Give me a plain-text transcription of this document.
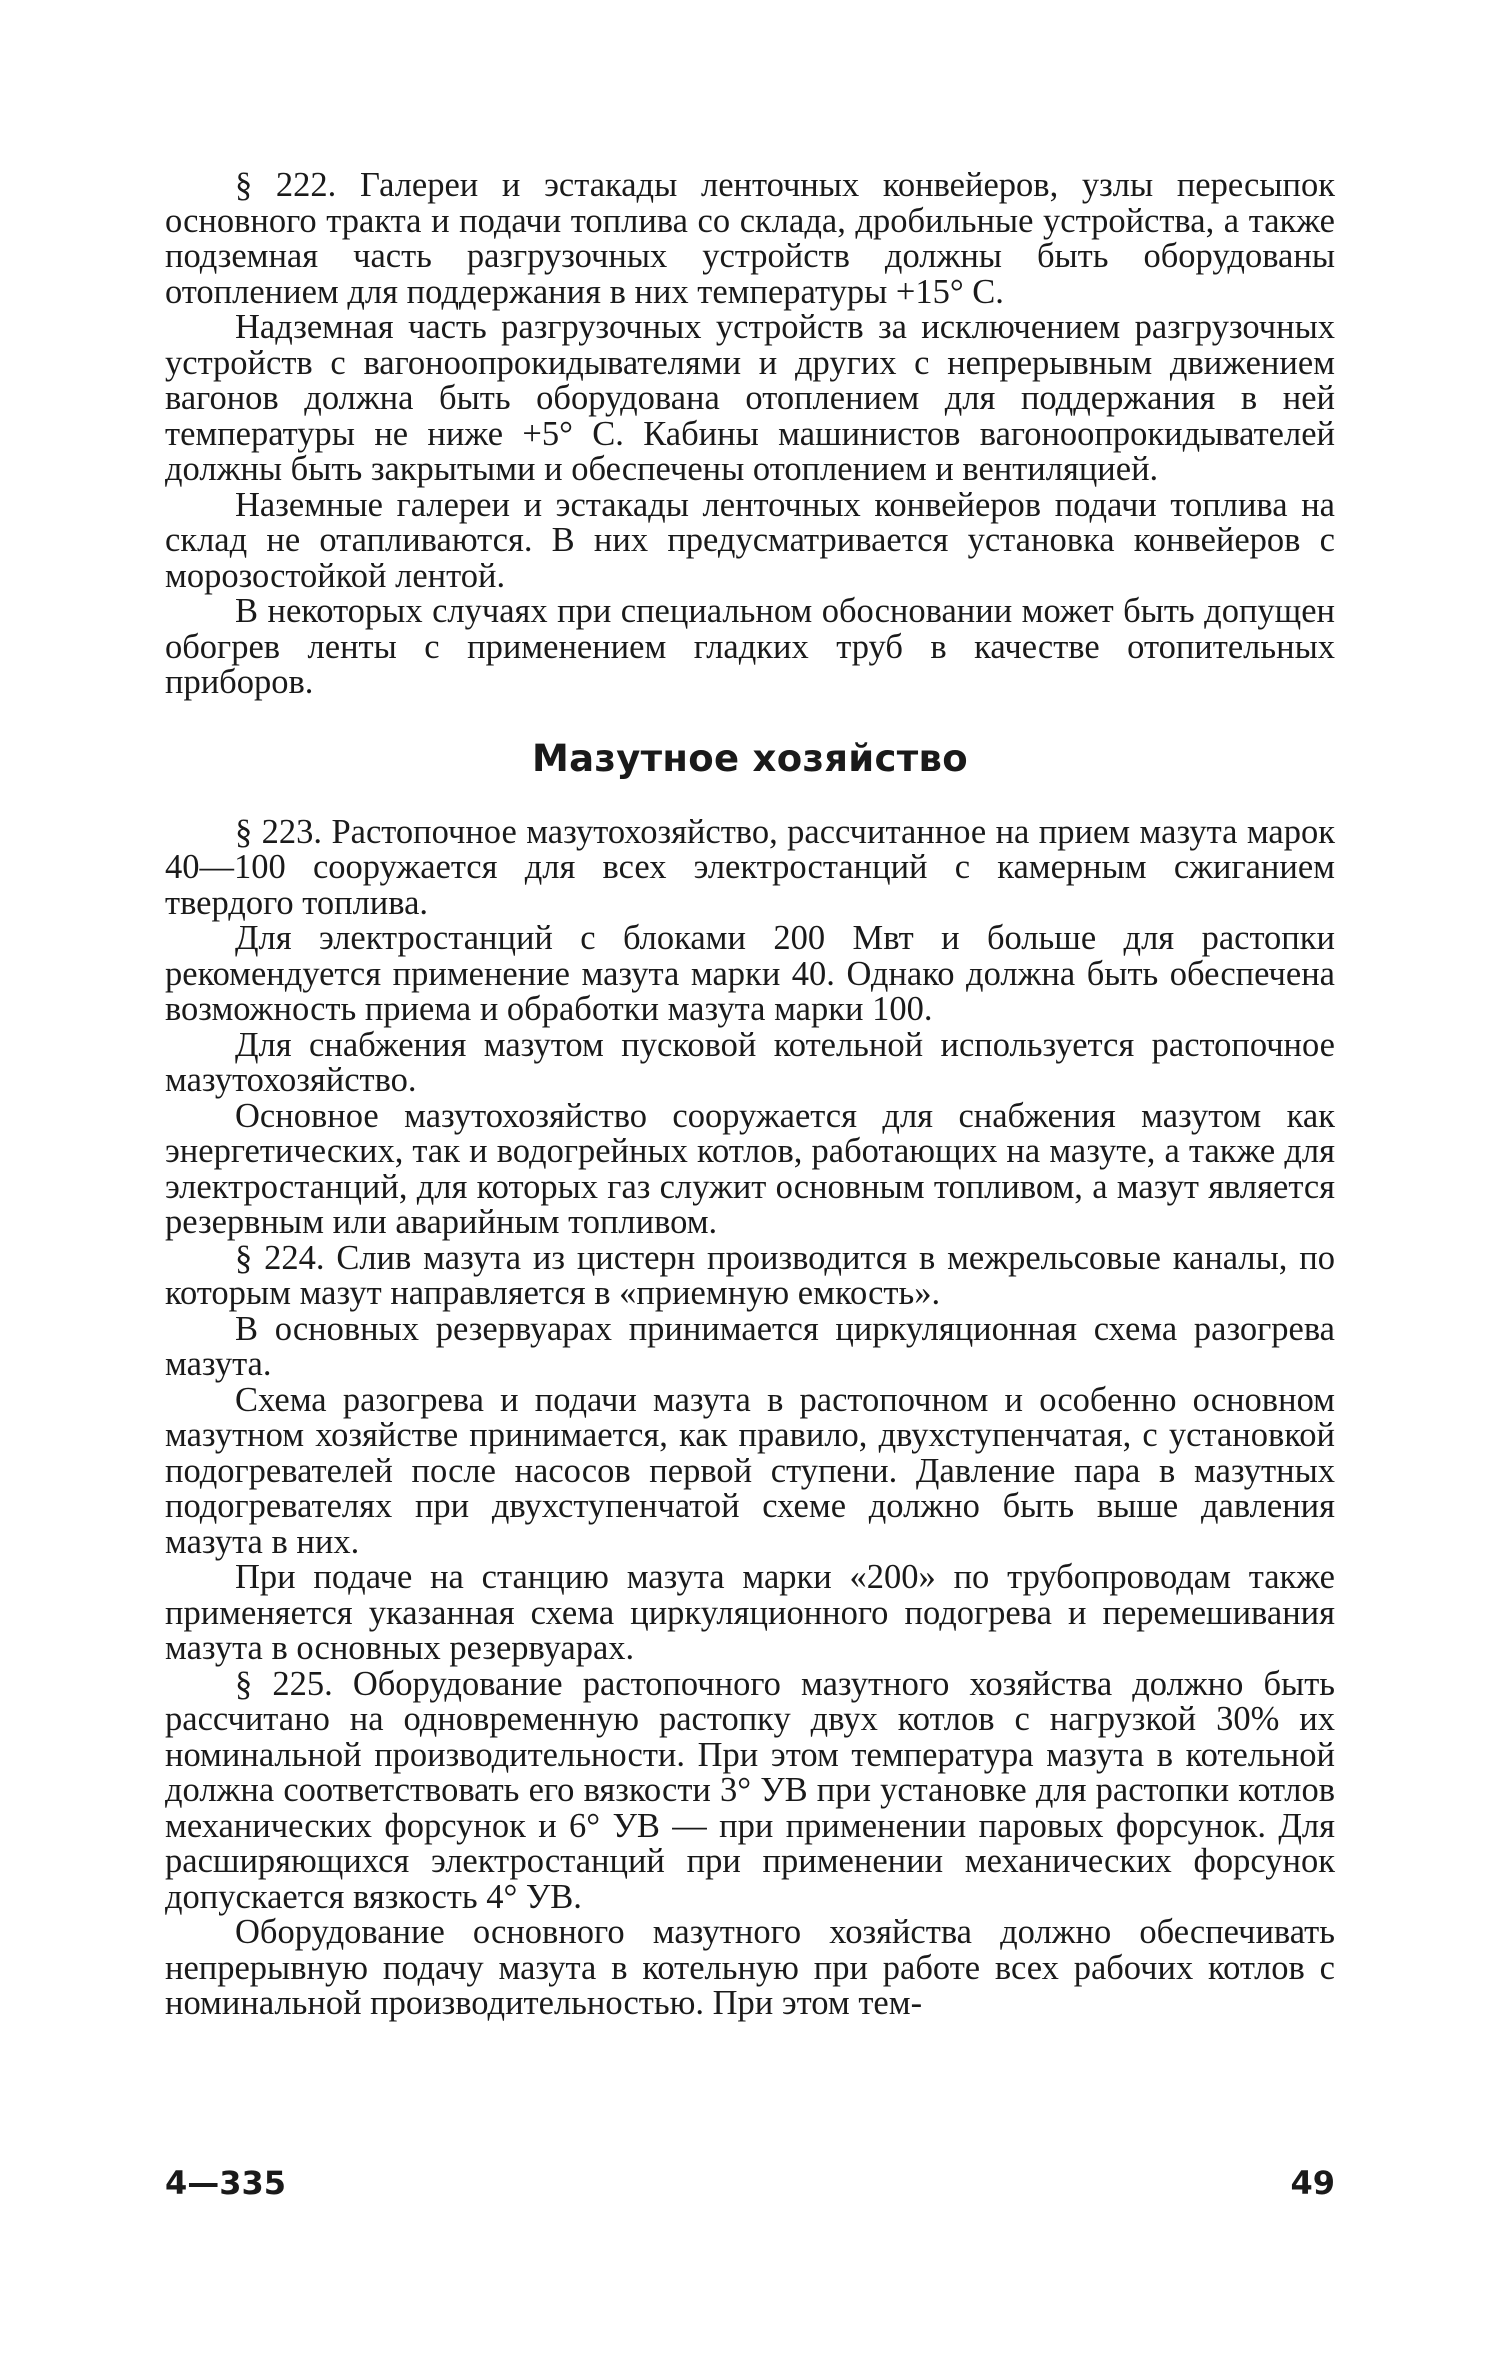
§ 222. Галереи и эстакады ленточных конвейеров, узлы пересыпок основного тракта и подачи топлива со склада, дробильные устройства, а также подземная часть разгрузочных устройств должны быть оборудованы отоплением для поддержания в них температуры +15° С.

Надземная часть разгрузочных устройств за исключением разгрузочных устройств с вагоноопрокидывателями и других с непрерывным движением вагонов должна быть оборудована отоплением для поддержания в ней температуры не ниже +5° С. Кабины машинистов вагоноопрокидывателей должны быть закрытыми и обеспечены отоплением и вентиляцией.

Наземные галереи и эстакады ленточных конвейеров подачи топлива на склад не отапливаются. В них предусматривается установка конвейеров с морозостойкой лентой.

В некоторых случаях при специальном обосновании может быть допущен обогрев ленты с применением гладких труб в качестве отопительных приборов.

Мазутное хозяйство

§ 223. Растопочное мазутохозяйство, рассчитанное на прием мазута марок 40—100 сооружается для всех электростанций с камерным сжиганием твердого топлива.

Для электростанций с блоками 200 Мвт и больше для растопки рекомендуется применение мазута марки 40. Однако должна быть обеспечена возможность приема и обработки мазута марки 100.

Для снабжения мазутом пусковой котельной используется растопочное мазутохозяйство.

Основное мазутохозяйство сооружается для снабжения мазутом как энергетических, так и водогрейных котлов, работающих на мазуте, а также для электростанций, для которых газ служит основным топливом, а мазут является резервным или аварийным топливом.

§ 224. Слив мазута из цистерн производится в межрельсовые каналы, по которым мазут направляется в «приемную емкость».

В основных резервуарах принимается циркуляционная схема разогрева мазута.

Схема разогрева и подачи мазута в растопочном и особенно основном мазутном хозяйстве принимается, как правило, двухступенчатая, с установкой подогревателей после насосов первой ступени. Давление пара в мазутных подогревателях при двухступенчатой схеме должно быть выше давления мазута в них.

При подаче на станцию мазута марки «200» по трубопроводам также применяется указанная схема циркуляционного подогрева и перемешивания мазута в основных резервуарах.

§ 225. Оборудование растопочного мазутного хозяйства должно быть рассчитано на одновременную растопку двух котлов с нагрузкой 30% их номинальной производительности. При этом температура мазута в котельной должна соответствовать его вязкости 3° УВ при установке для растопки котлов механических форсунок и 6° УВ — при применении паровых форсунок. Для расширяющихся электростанций при применении механических форсунок допускается вязкость 4° УВ.

Оборудование основного мазутного хозяйства должно обеспечивать непрерывную подачу мазута в котельную при работе всех рабочих котлов с номинальной производительностью. При этом тем-

4—335	49
